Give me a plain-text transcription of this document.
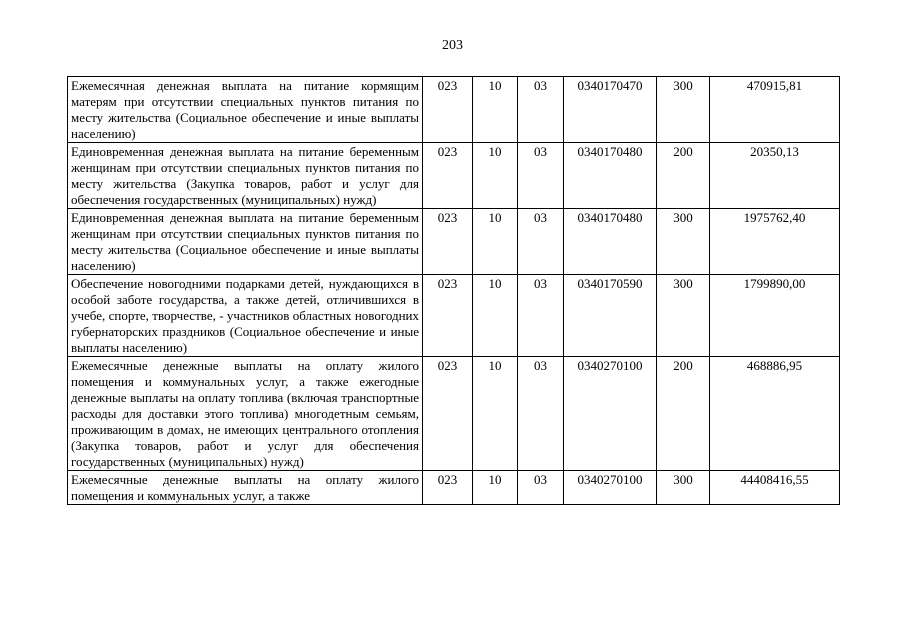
203
Ежемесячная денежная выплата на питание кормящим матерям при отсутствии специальных пунктов питания по месту жительства (Социальное обеспечение и иные выплаты населению)	023	10	03	0340170470	300	470915,81
Единовременная денежная выплата на питание беременным женщинам при отсутствии специальных пунктов питания по месту жительства (Закупка товаров, работ и услуг для обеспечения государственных (муниципальных) нужд)	023	10	03	0340170480	200	20350,13
Единовременная денежная выплата на питание беременным женщинам при отсутствии специальных пунктов питания по месту жительства (Социальное обеспечение и иные выплаты населению)	023	10	03	0340170480	300	1975762,40
Обеспечение новогодними подарками детей, нуждающихся в особой заботе государства, а также детей, отличившихся в учебе, спорте, творчестве, - участников областных новогодних губернаторских праздников (Социальное обеспечение и иные выплаты населению)	023	10	03	0340170590	300	1799890,00
Ежемесячные денежные выплаты на оплату жилого помещения и коммунальных услуг, а также ежегодные денежные выплаты на оплату топлива (включая транспортные расходы для доставки этого топлива) многодетным семьям, проживающим в домах, не имеющих центрального отопления (Закупка товаров, работ и услуг для обеспечения государственных (муниципальных) нужд)	023	10	03	0340270100	200	468886,95
Ежемесячные денежные выплаты на оплату жилого помещения и коммунальных услуг, а также	023	10	03	0340270100	300	44408416,55
